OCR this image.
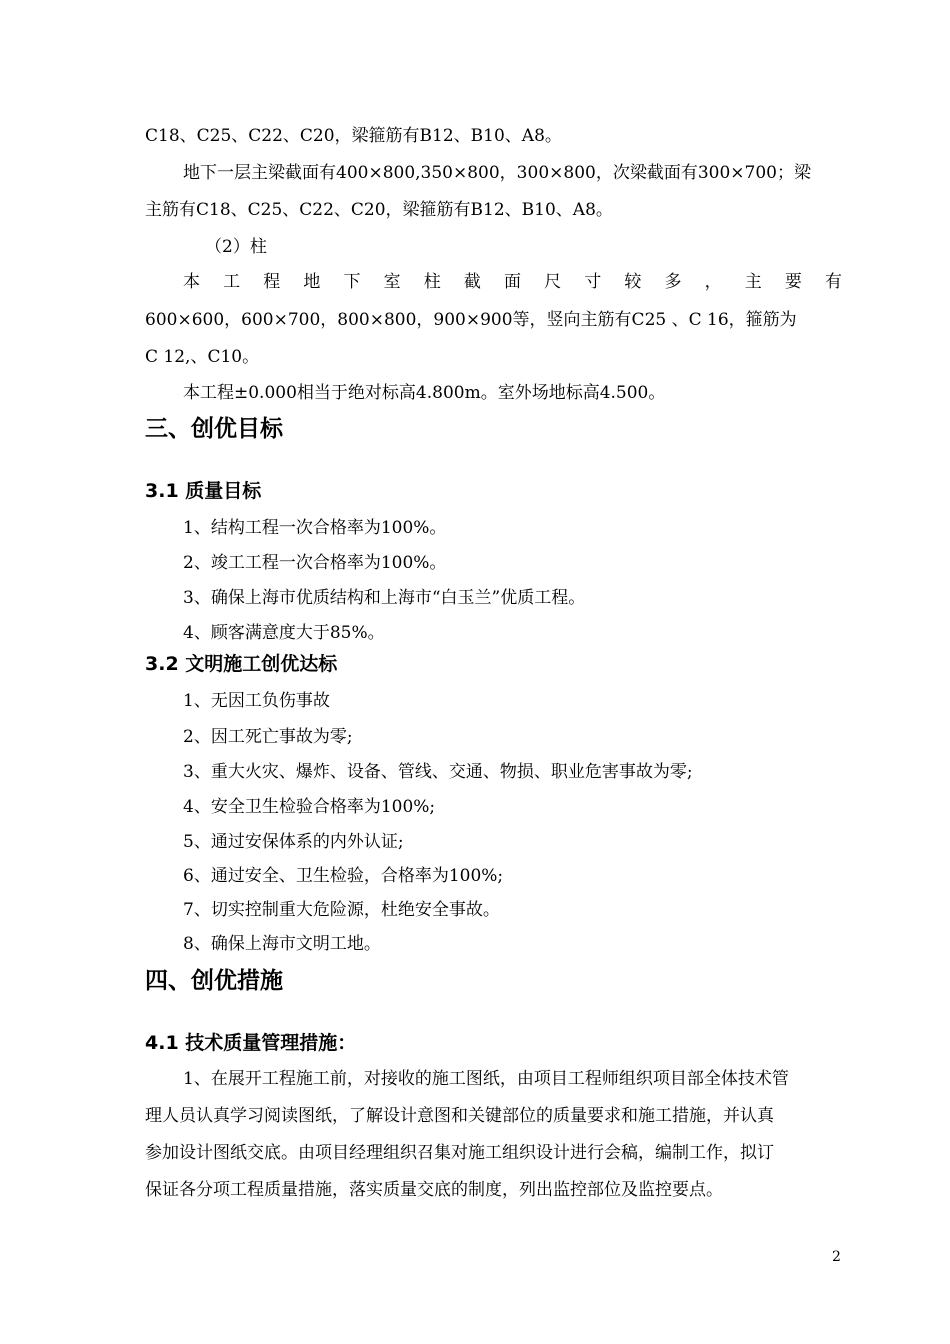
C18、C25、C22、C20，梁箍筋有B12、B10、A8。
地下一层主梁截面有400×800,350×800，300×800，次梁截面有300×700；梁
主筋有C18、C25、C22、C20，梁箍筋有B12、B10、A8。
（2）柱
本 工 程 地 下 室 柱 截 面 尺 寸 较 多 ， 主 要 有
600×600，600×700，800×800，900×900等，竖向主筋有C25 、C 16，箍筋为
C 12,、C10。
本工程±0.000相当于绝对标高4.800m。室外场地标高4.500。
三、创优目标
3.1 质量目标
1、结构工程一次合格率为100%。
2、竣工工程一次合格率为100%。
3、确保上海市优质结构和上海市“白玉兰”优质工程。
4、顾客满意度大于85%。
3.2 文明施工创优达标
1、无因工负伤事故
2、因工死亡事故为零;
3、重大火灾、爆炸、设备、管线、交通、物损、职业危害事故为零;
4、安全卫生检验合格率为100%;
5、通过安保体系的内外认证;
6、通过安全、卫生检验，合格率为100%;
7、切实控制重大危险源，杜绝安全事故。
8、确保上海市文明工地。
四、创优措施
4.1 技术质量管理措施：
1、在展开工程施工前，对接收的施工图纸，由项目工程师组织项目部全体技术管
理人员认真学习阅读图纸，了解设计意图和关键部位的质量要求和施工措施，并认真
参加设计图纸交底。由项目经理组织召集对施工组织设计进行会稿，编制工作，拟订
保证各分项工程质量措施，落实质量交底的制度，列出监控部位及监控要点。
2
